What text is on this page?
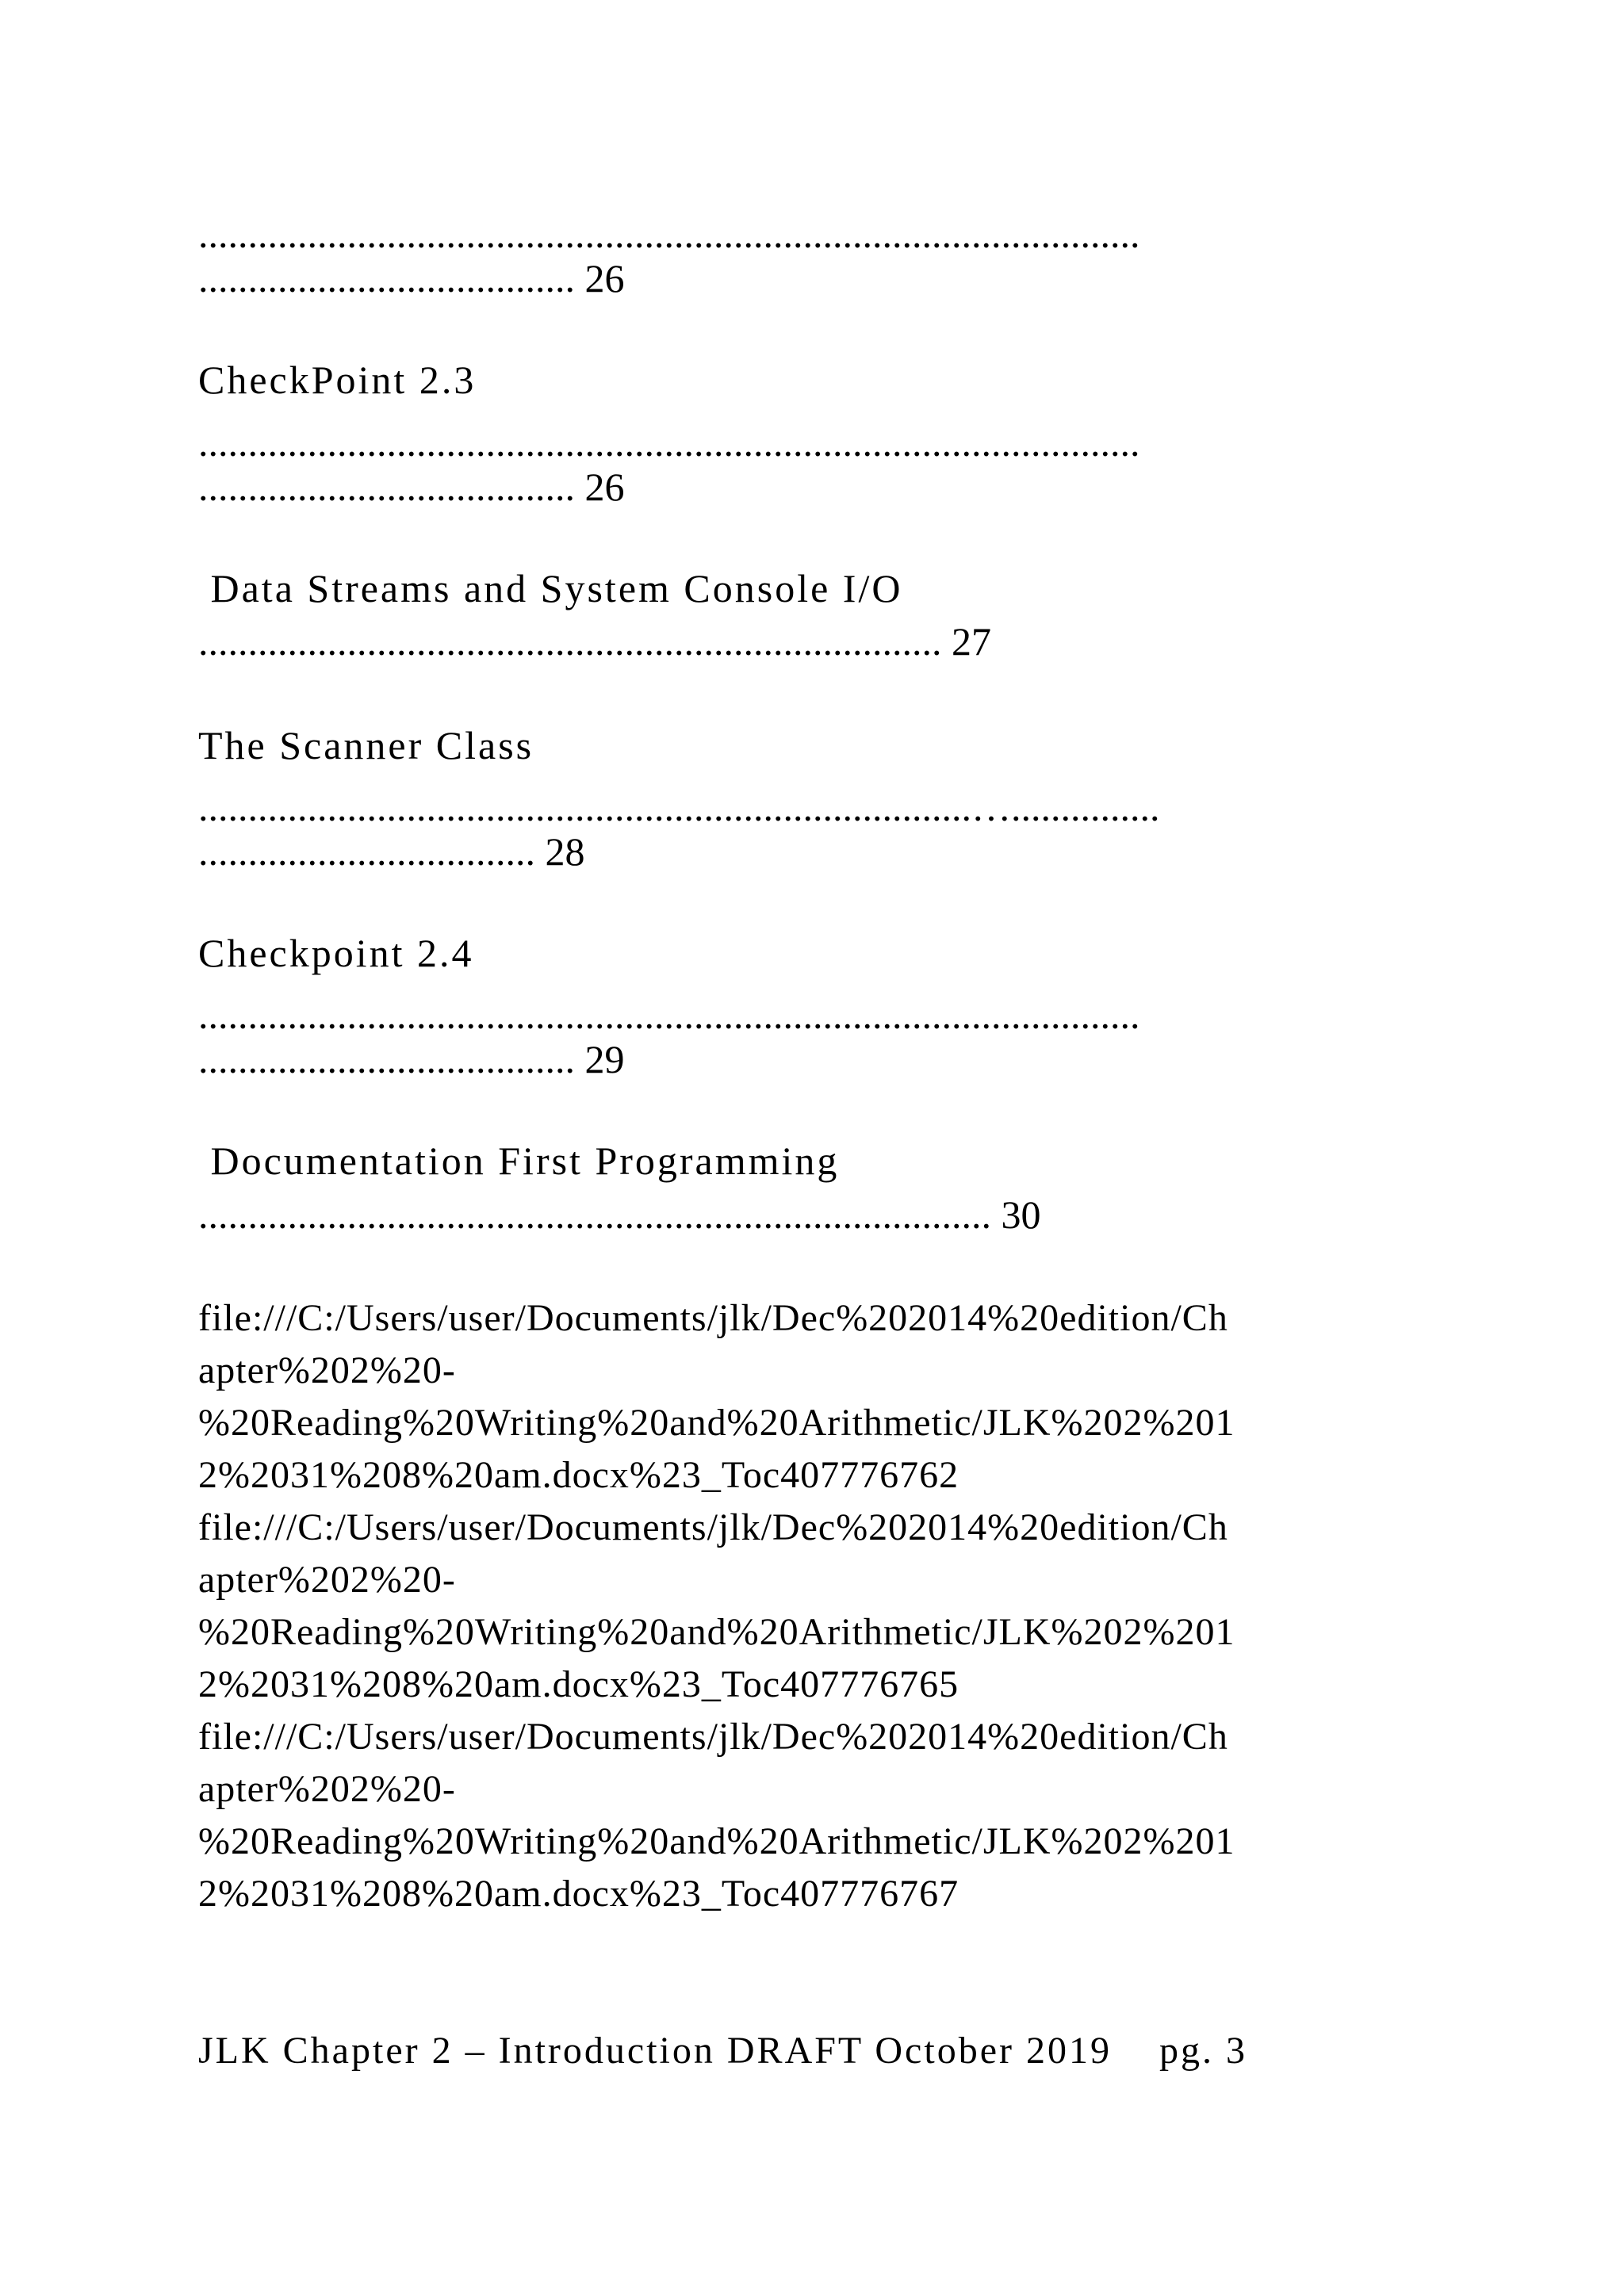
...............................................................................................

...................................... 26

CheckPoint 2.3

...............................................................................................

...................................... 26

Data Streams and System Console I/O

........................................................................... 27

The Scanner Class

..............................................................................…...............

.................................. 28

Checkpoint 2.4

...............................................................................................

...................................... 29

Documentation First Programming

................................................................................ 30

file:///C:/Users/user/Documents/jlk/Dec%202014%20edition/Ch

apter%202%20-

%20Reading%20Writing%20and%20Arithmetic/JLK%202%201

2%2031%208%20am.docx%23_Toc407776762

file:///C:/Users/user/Documents/jlk/Dec%202014%20edition/Ch

apter%202%20-

%20Reading%20Writing%20and%20Arithmetic/JLK%202%201

2%2031%208%20am.docx%23_Toc407776765

file:///C:/Users/user/Documents/jlk/Dec%202014%20edition/Ch

apter%202%20-

%20Reading%20Writing%20and%20Arithmetic/JLK%202%201

2%2031%208%20am.docx%23_Toc407776767

JLK Chapter 2 – Introduction DRAFT October 2019 pg. 3
